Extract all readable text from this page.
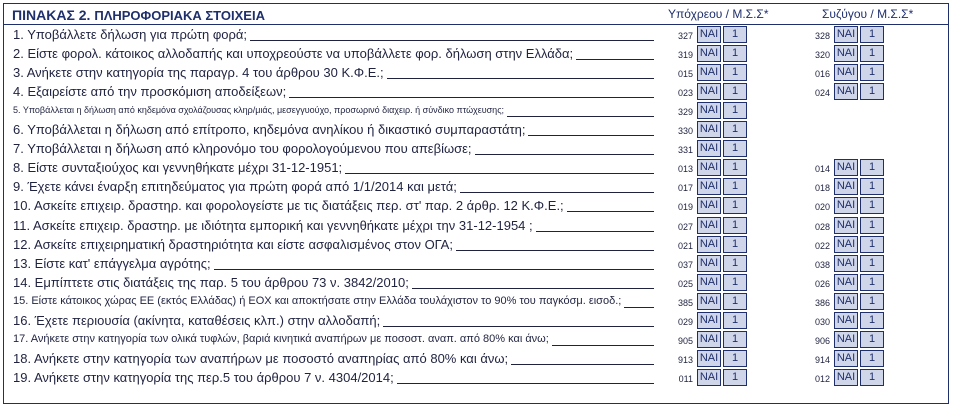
ΠΙΝΑΚΑΣ 2. ΠΛΗΡΟΦΟΡΙΑΚΑ ΣΤΟΙΧΕΙΑ	Υπόχρεου / Μ.Σ.Σ*	Συζύγου / Μ.Σ.Σ*
1. Υποβάλλετε δήλωση για πρώτη φορά;	327 ΝΑΙ	1	328 ΝΑΙ	1
2. Είστε φορολ. κάτοικος αλλοδαπής και υποχρεούστε να υποβάλλετε φορ. δήλωση στην Ελλάδα;	319 ΝΑΙ	1	320 ΝΑΙ	1
3. Ανήκετε στην κατηγορία της παραγρ. 4 του άρθρου 30 Κ.Φ.Ε.;	015 ΝΑΙ	1	016 ΝΑΙ	1
4. Εξαιρείστε από την προσκόμιση αποδείξεων;	023 ΝΑΙ	1	024 ΝΑΙ	1
5. Υποβάλλεται η δήλωση από κηδεμόνα σχολάζουσας κληρ/μιάς, μεσεγγυούχο, προσωρινό διαχειρ. ή σύνδικο πτώχευσης;	329 ΝΑΙ	1
6. Υποβάλλεται η δήλωση από επίτροπο, κηδεμόνα ανηλίκου ή δικαστικό συμπαραστάτη;	330 ΝΑΙ	1
7. Υποβάλλεται η δήλωση από κληρονόμο του φορολογούμενου που απεβίωσε;	331 ΝΑΙ	1
8. Είστε συνταξιούχος και γεννηθήκατε μέχρι 31-12-1951;	013 ΝΑΙ	1	014 ΝΑΙ	1
9. Έχετε κάνει έναρξη επιτηδεύματος για πρώτη φορά από 1/1/2014 και μετά;	017 ΝΑΙ	1	018 ΝΑΙ	1
10. Ασκείτε επιχειρ. δραστηρ. και φορολογείστε με τις διατάξεις περ. στ' παρ. 2 άρθρ. 12 Κ.Φ.Ε.;	019 ΝΑΙ	1	020 ΝΑΙ	1
11. Ασκείτε επιχειρ. δραστηρ. με ιδιότητα εμπορική και γεννηθήκατε μέχρι την 31-12-1954 ;	027 ΝΑΙ	1	028 ΝΑΙ	1
12. Ασκείτε επιχειρηματική δραστηριότητα και είστε ασφαλισμένος στον ΟΓΑ;	021 ΝΑΙ	1	022 ΝΑΙ	1
13. Είστε κατ' επάγγελμα αγρότης;	037 ΝΑΙ	1	038 ΝΑΙ	1
14. Εμπίπτετε στις διατάξεις της παρ. 5 του άρθρου 73 ν. 3842/2010;	025 ΝΑΙ	1	026 ΝΑΙ	1
15. Είστε κάτοικος χώρας ΕΕ (εκτός Ελλάδας) ή ΕΟΧ και αποκτήσατε στην Ελλάδα τουλάχιστον το 90% του παγκόσμ. εισοδ.;	385 ΝΑΙ	1	386 ΝΑΙ	1
16. Έχετε περιουσία (ακίνητα, καταθέσεις κλπ.) στην αλλοδαπή;	029 ΝΑΙ	1	030 ΝΑΙ	1
17. Ανήκετε στην κατηγορία των ολικά τυφλών, βαριά κινητικά αναπήρων με ποσοστ. αναπ. από 80% και άνω;	905 ΝΑΙ	1	906 ΝΑΙ	1
18. Ανήκετε στην κατηγορία των αναπήρων με ποσοστό αναπηρίας από 80% και άνω;	913 ΝΑΙ	1	914 ΝΑΙ	1
19. Ανήκετε στην κατηγορία της περ.5 του άρθρου 7 ν. 4304/2014;	011 ΝΑΙ	1	012 ΝΑΙ	1
